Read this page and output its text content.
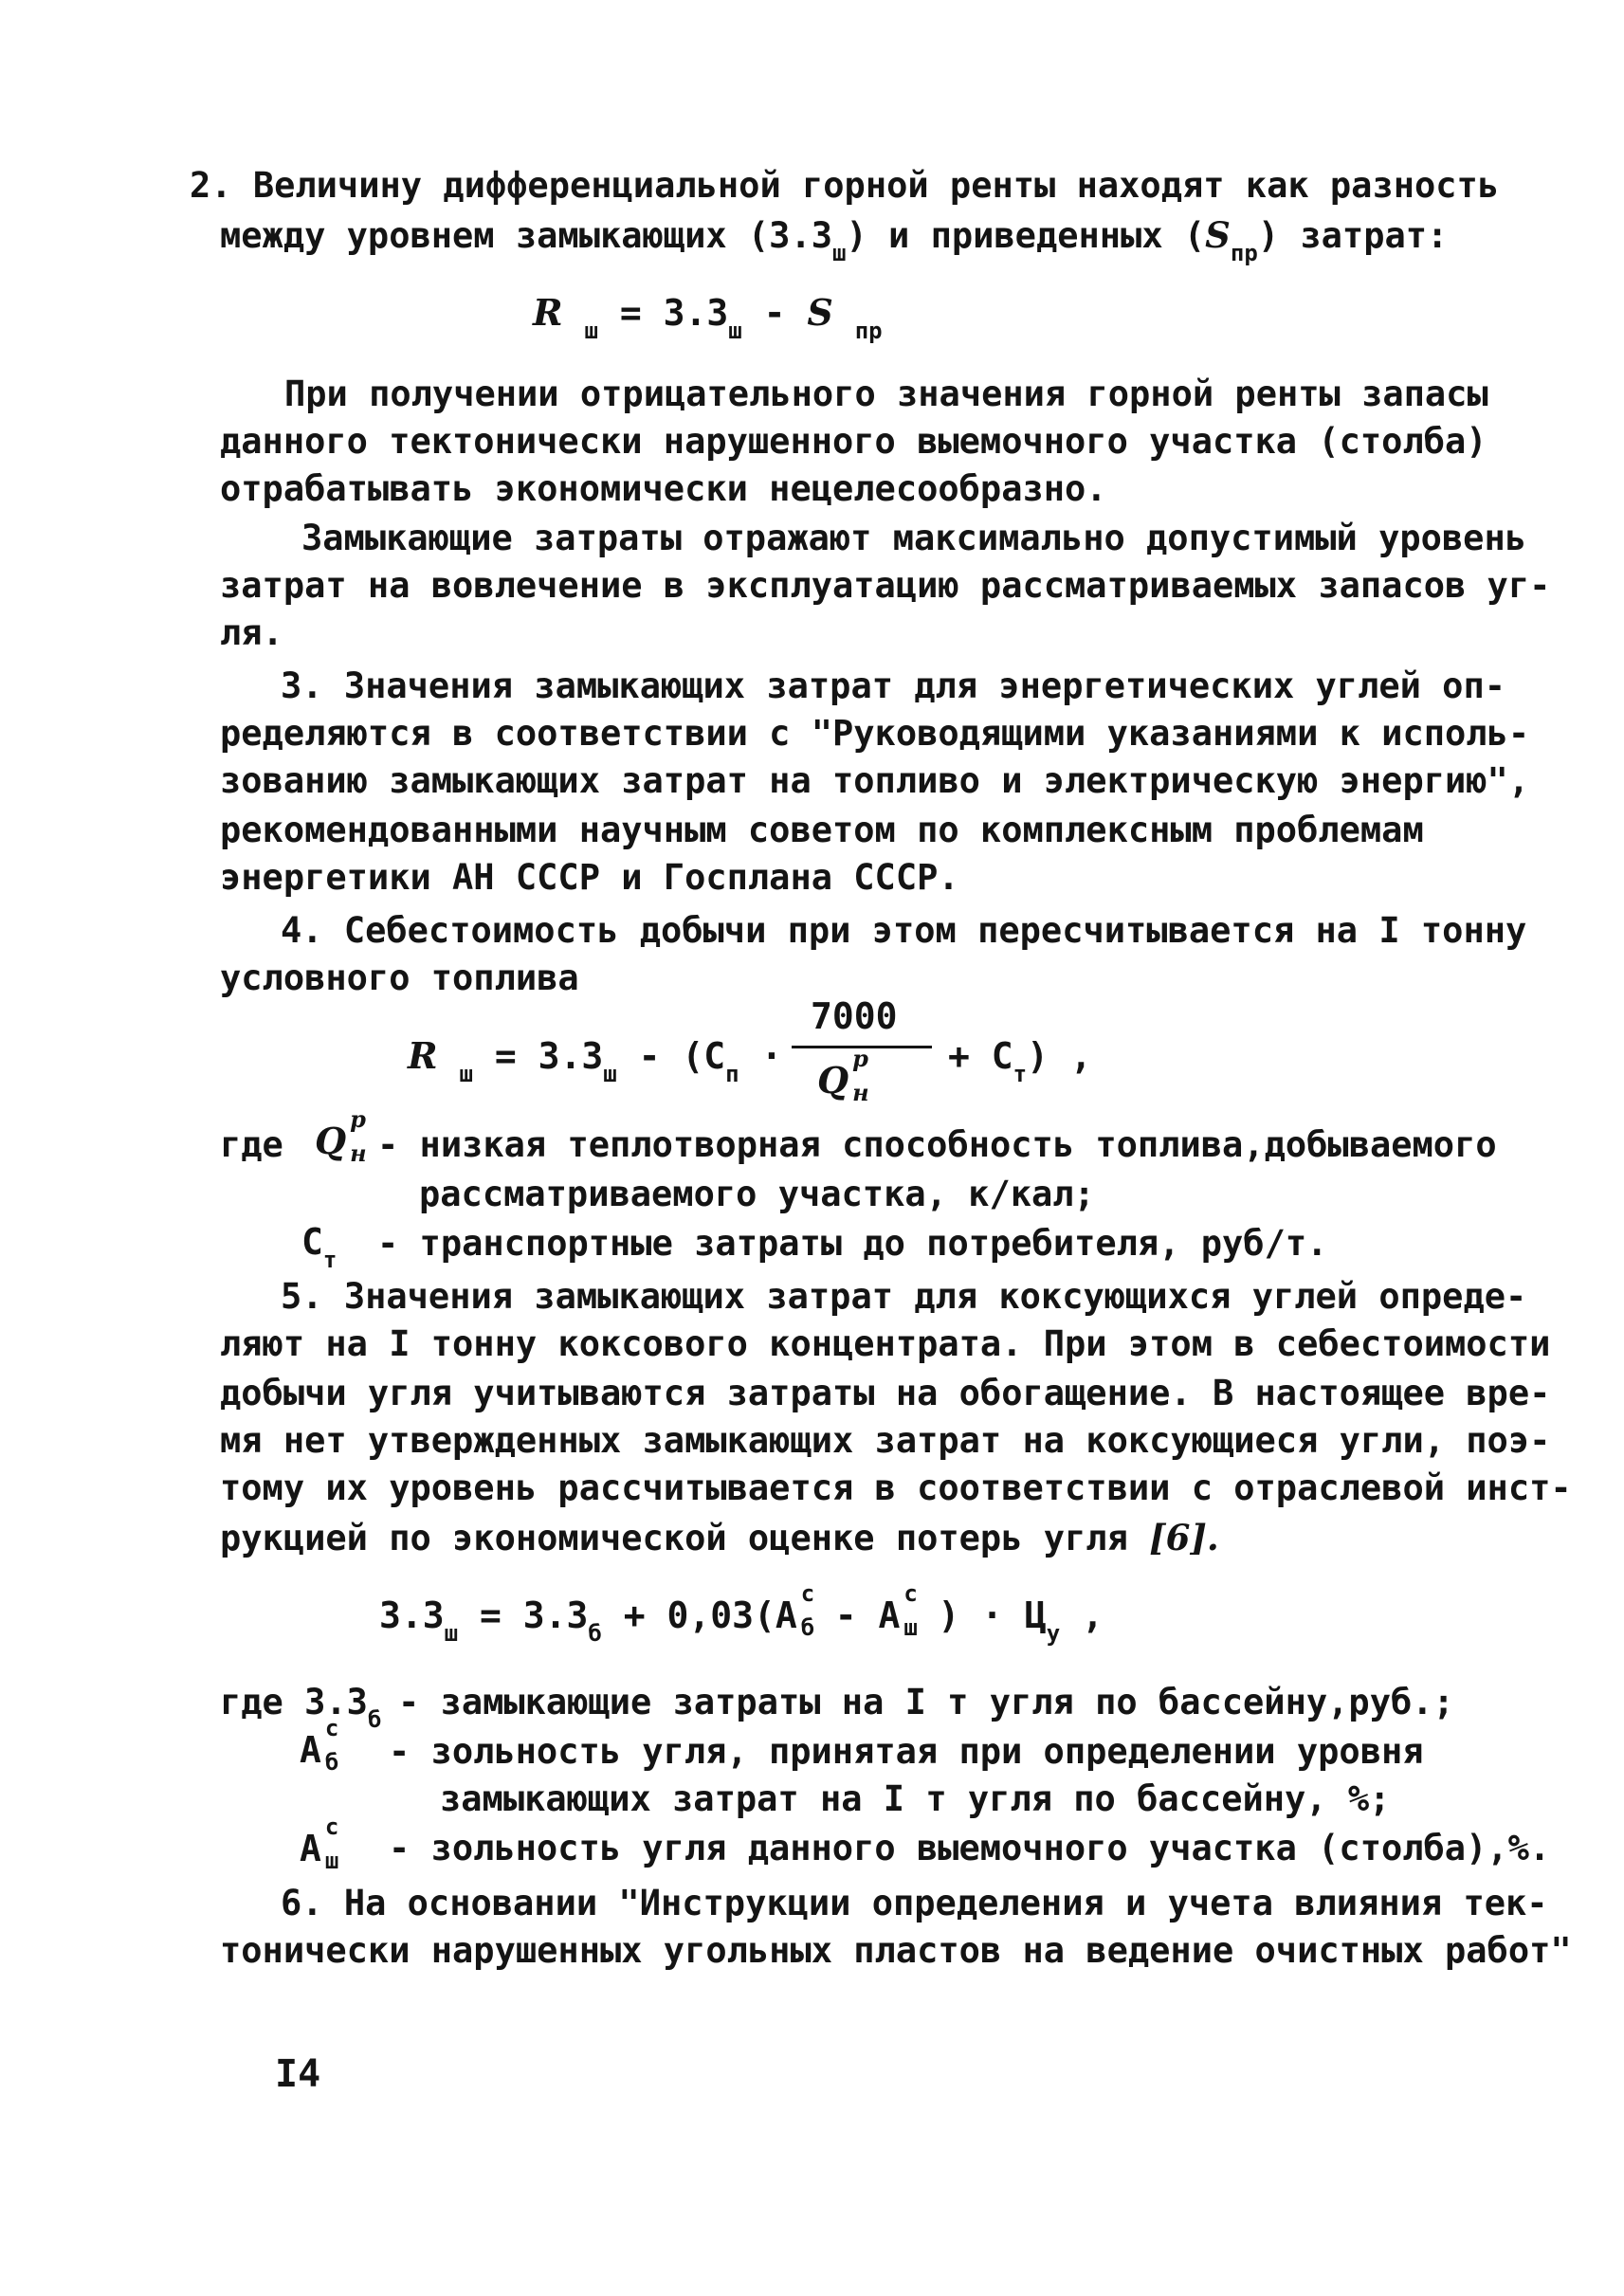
2. Величину дифференциальной горной ренты находят как разность
между уровнем замыкающих $(З.З_ш)$ и приведенных $(S_{пр})$ затрат:
R $_ш = З.З_ш - S$ $_{пр}$
При получении отрицательного значения горной ренты запасы
данного тектонически нарушенного выемочного участка (столба)
отрабатывать экономически нецелесообразно.
Замыкающие затраты отражают максимально допустимый уровень
затрат на вовлечение в эксплуатацию рассматриваемых запасов уг-
ля.
3. Значения замыкающих затрат для энергетических углей оп-
ределяются в соответствии с "Руководящими указаниями к исполь-
зованию замыкающих затрат на топливо и электрическую энергию",
рекомендованными научным советом по комплексным проблемам
энергетики АН СССР и Госплана СССР.
4. Себестоимость добычи при этом пересчитывается на I тонну
условного топлива
R $_ш = З.З_ш - (С_п$ ·
7000
Q
p
н
+ $С_т$) ,
где Q
p
н - низкая теплотворная способность топлива,добываемого
рассматриваемого участка, к/кал;
$С_т$ - транспортные затраты до потребителя, руб/т.
5. Значения замыкающих затрат для коксующихся углей опреде-
ляют на I тонну коксового концентрата. При этом в себестоимости
добычи угля учитываются затраты на обогащение. В настоящее вре-
мя нет утвержденных замыкающих затрат на коксующиеся угли, поэ-
тому их уровень рассчитывается в соответствии с отраслевой инст-
рукцией по экономической оценке потерь угля [6].
$З.З_ш = З.З_б + 0,03(А$
с
б - А
с
ш ) · $Ц_у$ ,
где $З.З_б$ - замыкающие затраты на I т угля по бассейну,руб.;
А
с
б - зольность угля, принятая при определении уровня
замыкающих затрат на I т угля по бассейну, %;
А
с
ш - зольность угля данного выемочного участка (столба),%.
6. На основании "Инструкции определения и учета влияния тек-
тонически нарушенных угольных пластов на ведение очистных работ"
I4
